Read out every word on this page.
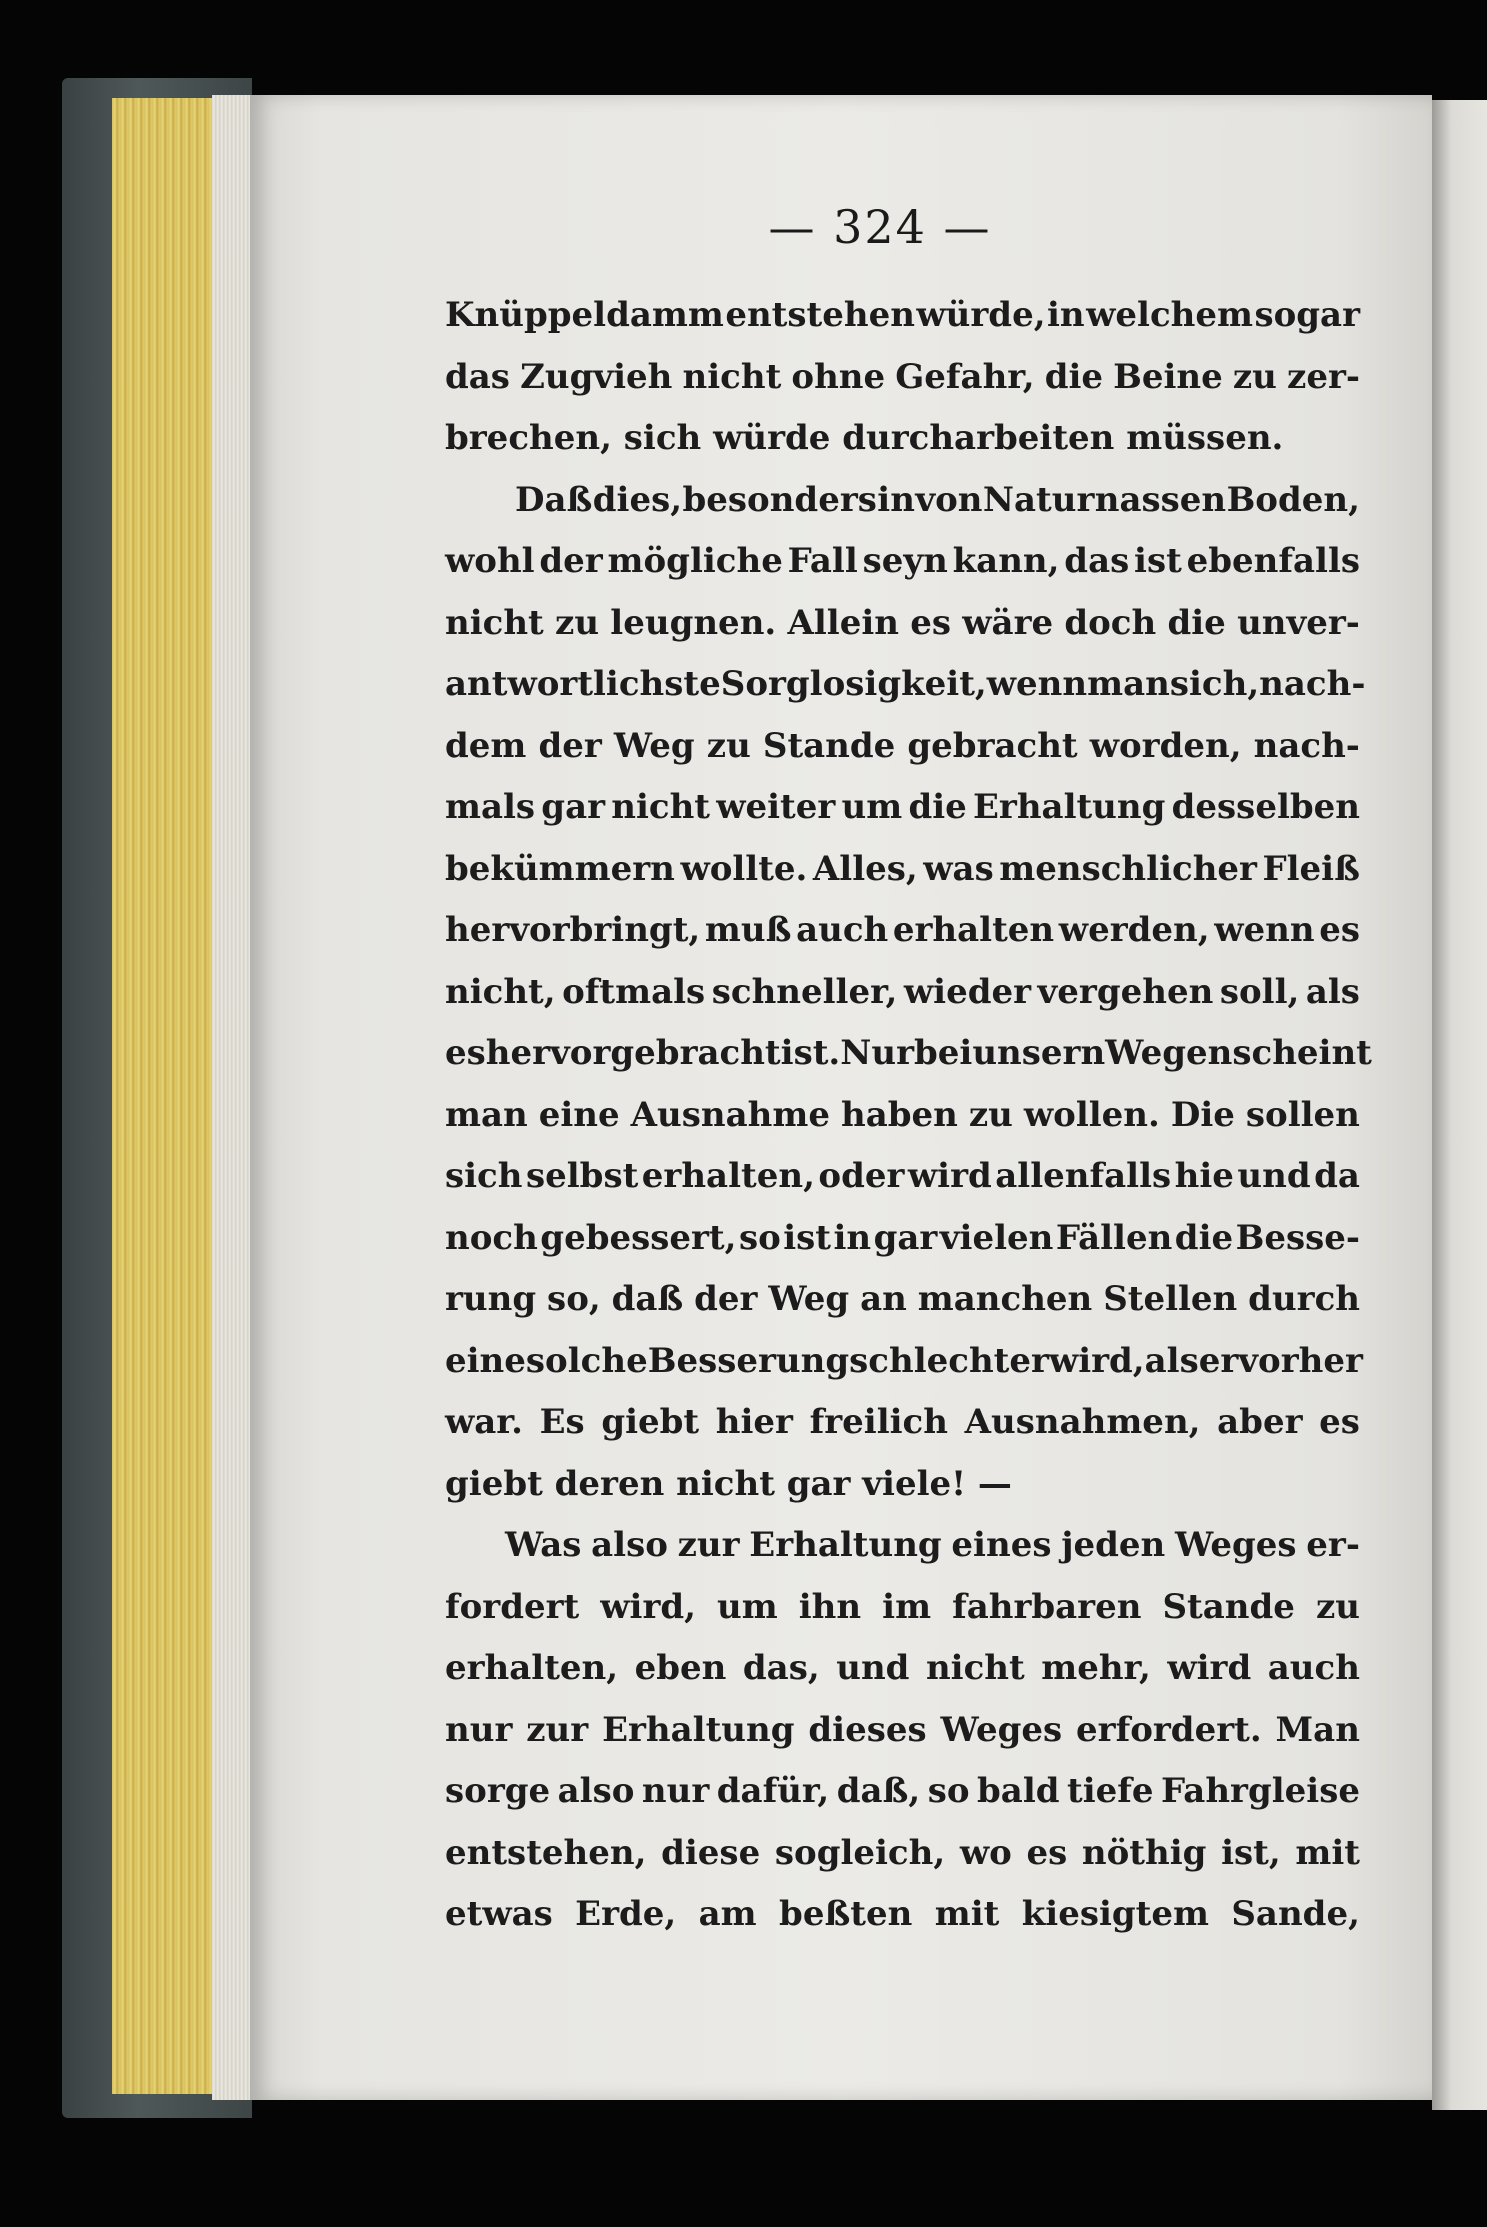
— 324 —
Knüppeldamm entstehen würde, in welchem sogar
das Zugvieh nicht ohne Gefahr, die Beine zu zer-
brechen, sich würde durcharbeiten müssen.
Daß dies, besonders in von Natur nassen Boden,
wohl der mögliche Fall seyn kann, das ist ebenfalls
nicht zu leugnen. Allein es wäre doch die unver-
antwortlichste Sorglosigkeit, wenn man sich, nach-
dem der Weg zu Stande gebracht worden, nach-
mals gar nicht weiter um die Erhaltung desselben
bekümmern wollte. Alles, was menschlicher Fleiß
hervorbringt, muß auch erhalten werden, wenn es
nicht, oftmals schneller, wieder vergehen soll, als
es hervorgebracht ist. Nur bei unsern Wegen scheint
man eine Ausnahme haben zu wollen. Die sollen
sich selbst erhalten, oder wird allenfalls hie und da
noch gebessert, so ist in gar vielen Fällen die Besse-
rung so, daß der Weg an manchen Stellen durch
eine solche Besserung schlechter wird, als er vorher
war. Es giebt hier freilich Ausnahmen, aber es
giebt deren nicht gar viele! —
Was also zur Erhaltung eines jeden Weges er-
fordert wird, um ihn im fahrbaren Stande zu
erhalten, eben das, und nicht mehr, wird auch
nur zur Erhaltung dieses Weges erfordert. Man
sorge also nur dafür, daß, so bald tiefe Fahrgleise
entstehen, diese sogleich, wo es nöthig ist, mit
etwas Erde, am beßten mit kiesigtem Sande,
